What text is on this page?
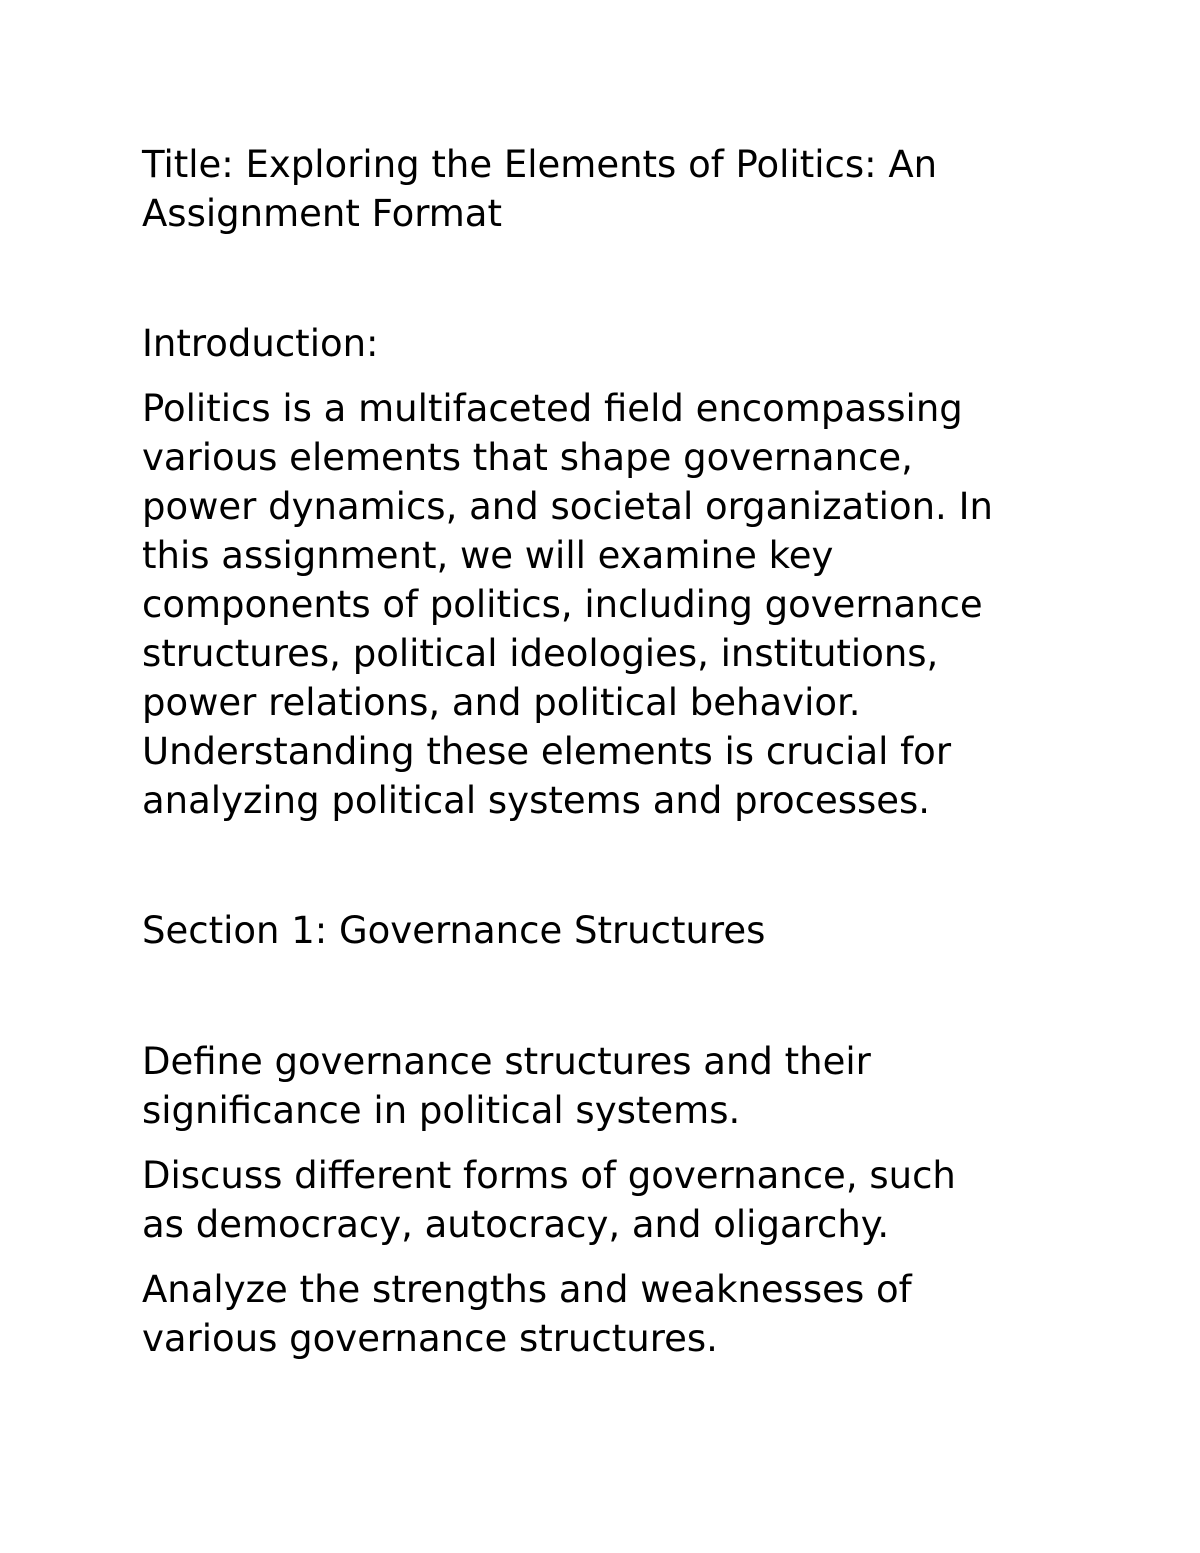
Title: Exploring the Elements of Politics: An
Assignment Format

Introduction:

Politics is a multifaceted field encompassing
various elements that shape governance,
power dynamics, and societal organization. In
this assignment, we will examine key
components of politics, including governance
structures, political ideologies, institutions,
power relations, and political behavior.
Understanding these elements is crucial for
analyzing political systems and processes.

Section 1: Governance Structures

Define governance structures and their
significance in political systems.

Discuss different forms of governance, such
as democracy, autocracy, and oligarchy.

Analyze the strengths and weaknesses of
various governance structures.
